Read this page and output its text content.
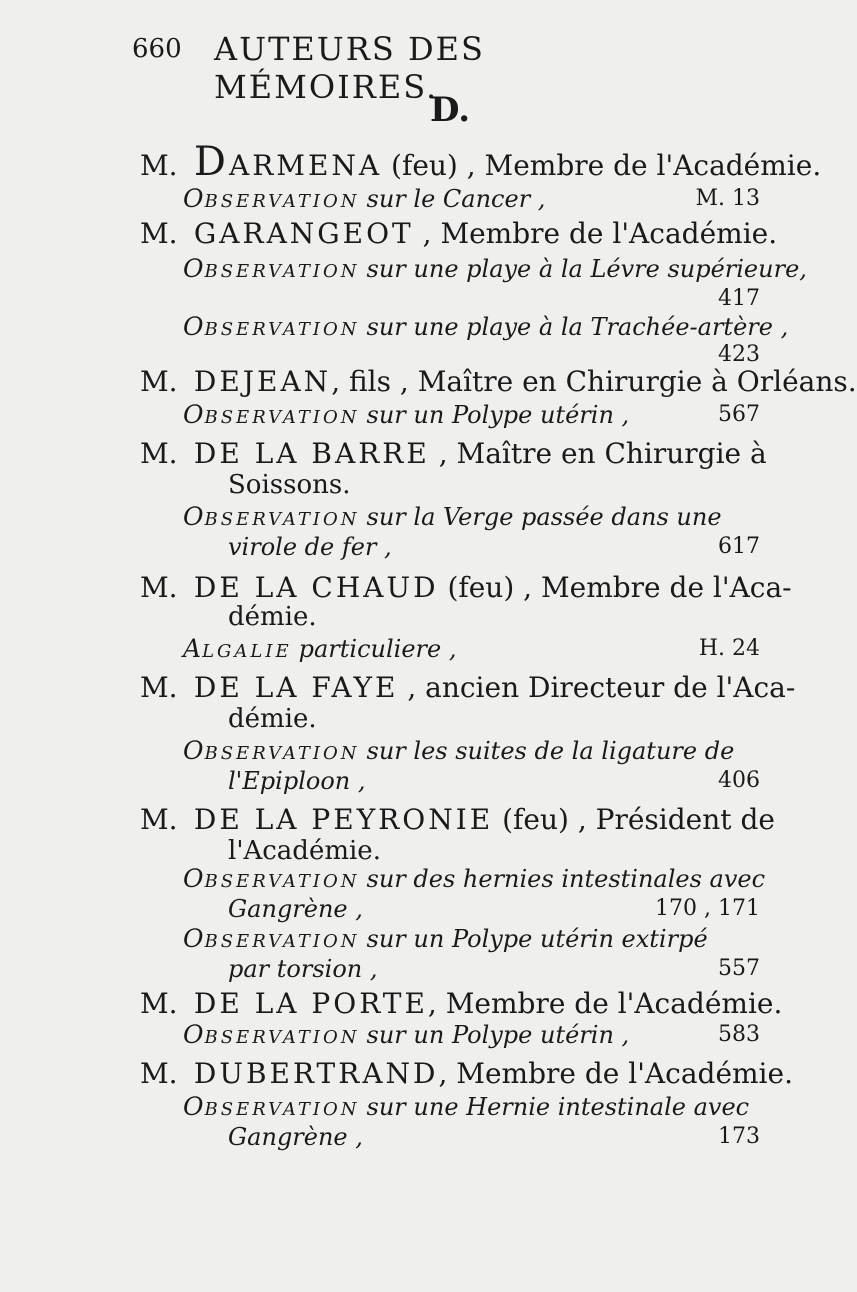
660 AUTEURS DES MÉMOIRES.
D.
M. DARMENA (feu) , Membre de l'Académie.
OBSERVATION sur le Cancer ,	M. 13
M. GARANGEOT , Membre de l'Académie.
OBSERVATION sur une playe à la Lévre supérieure,
417
OBSERVATION sur une playe à la Trachée-artère ,
423
M. DEJEAN, fils , Maître en Chirurgie à Orléans.
OBSERVATION sur un Polype utérin ,	567
M. DE LA BARRE , Maître en Chirurgie à
Soissons.
OBSERVATION sur la Verge passée dans une
virole de fer ,	617
M. DE LA CHAUD (feu) , Membre de l'Aca-
démie.
ALGALIE particuliere ,	H. 24
M. DE LA FAYE , ancien Directeur de l'Aca-
démie.
OBSERVATION sur les suites de la ligature de
l'Epiploon ,	406
M. DE LA PEYRONIE (feu) , Président de
l'Académie.
OBSERVATION sur des hernies intestinales avec
Gangrène ,	170 , 171
OBSERVATION sur un Polype utérin extirpé
par torsion ,	557
M. DE LA PORTE, Membre de l'Académie.
OBSERVATION sur un Polype utérin ,	583
M. DUBERTRAND, Membre de l'Académie.
OBSERVATION sur une Hernie intestinale avec
Gangrène ,	173
